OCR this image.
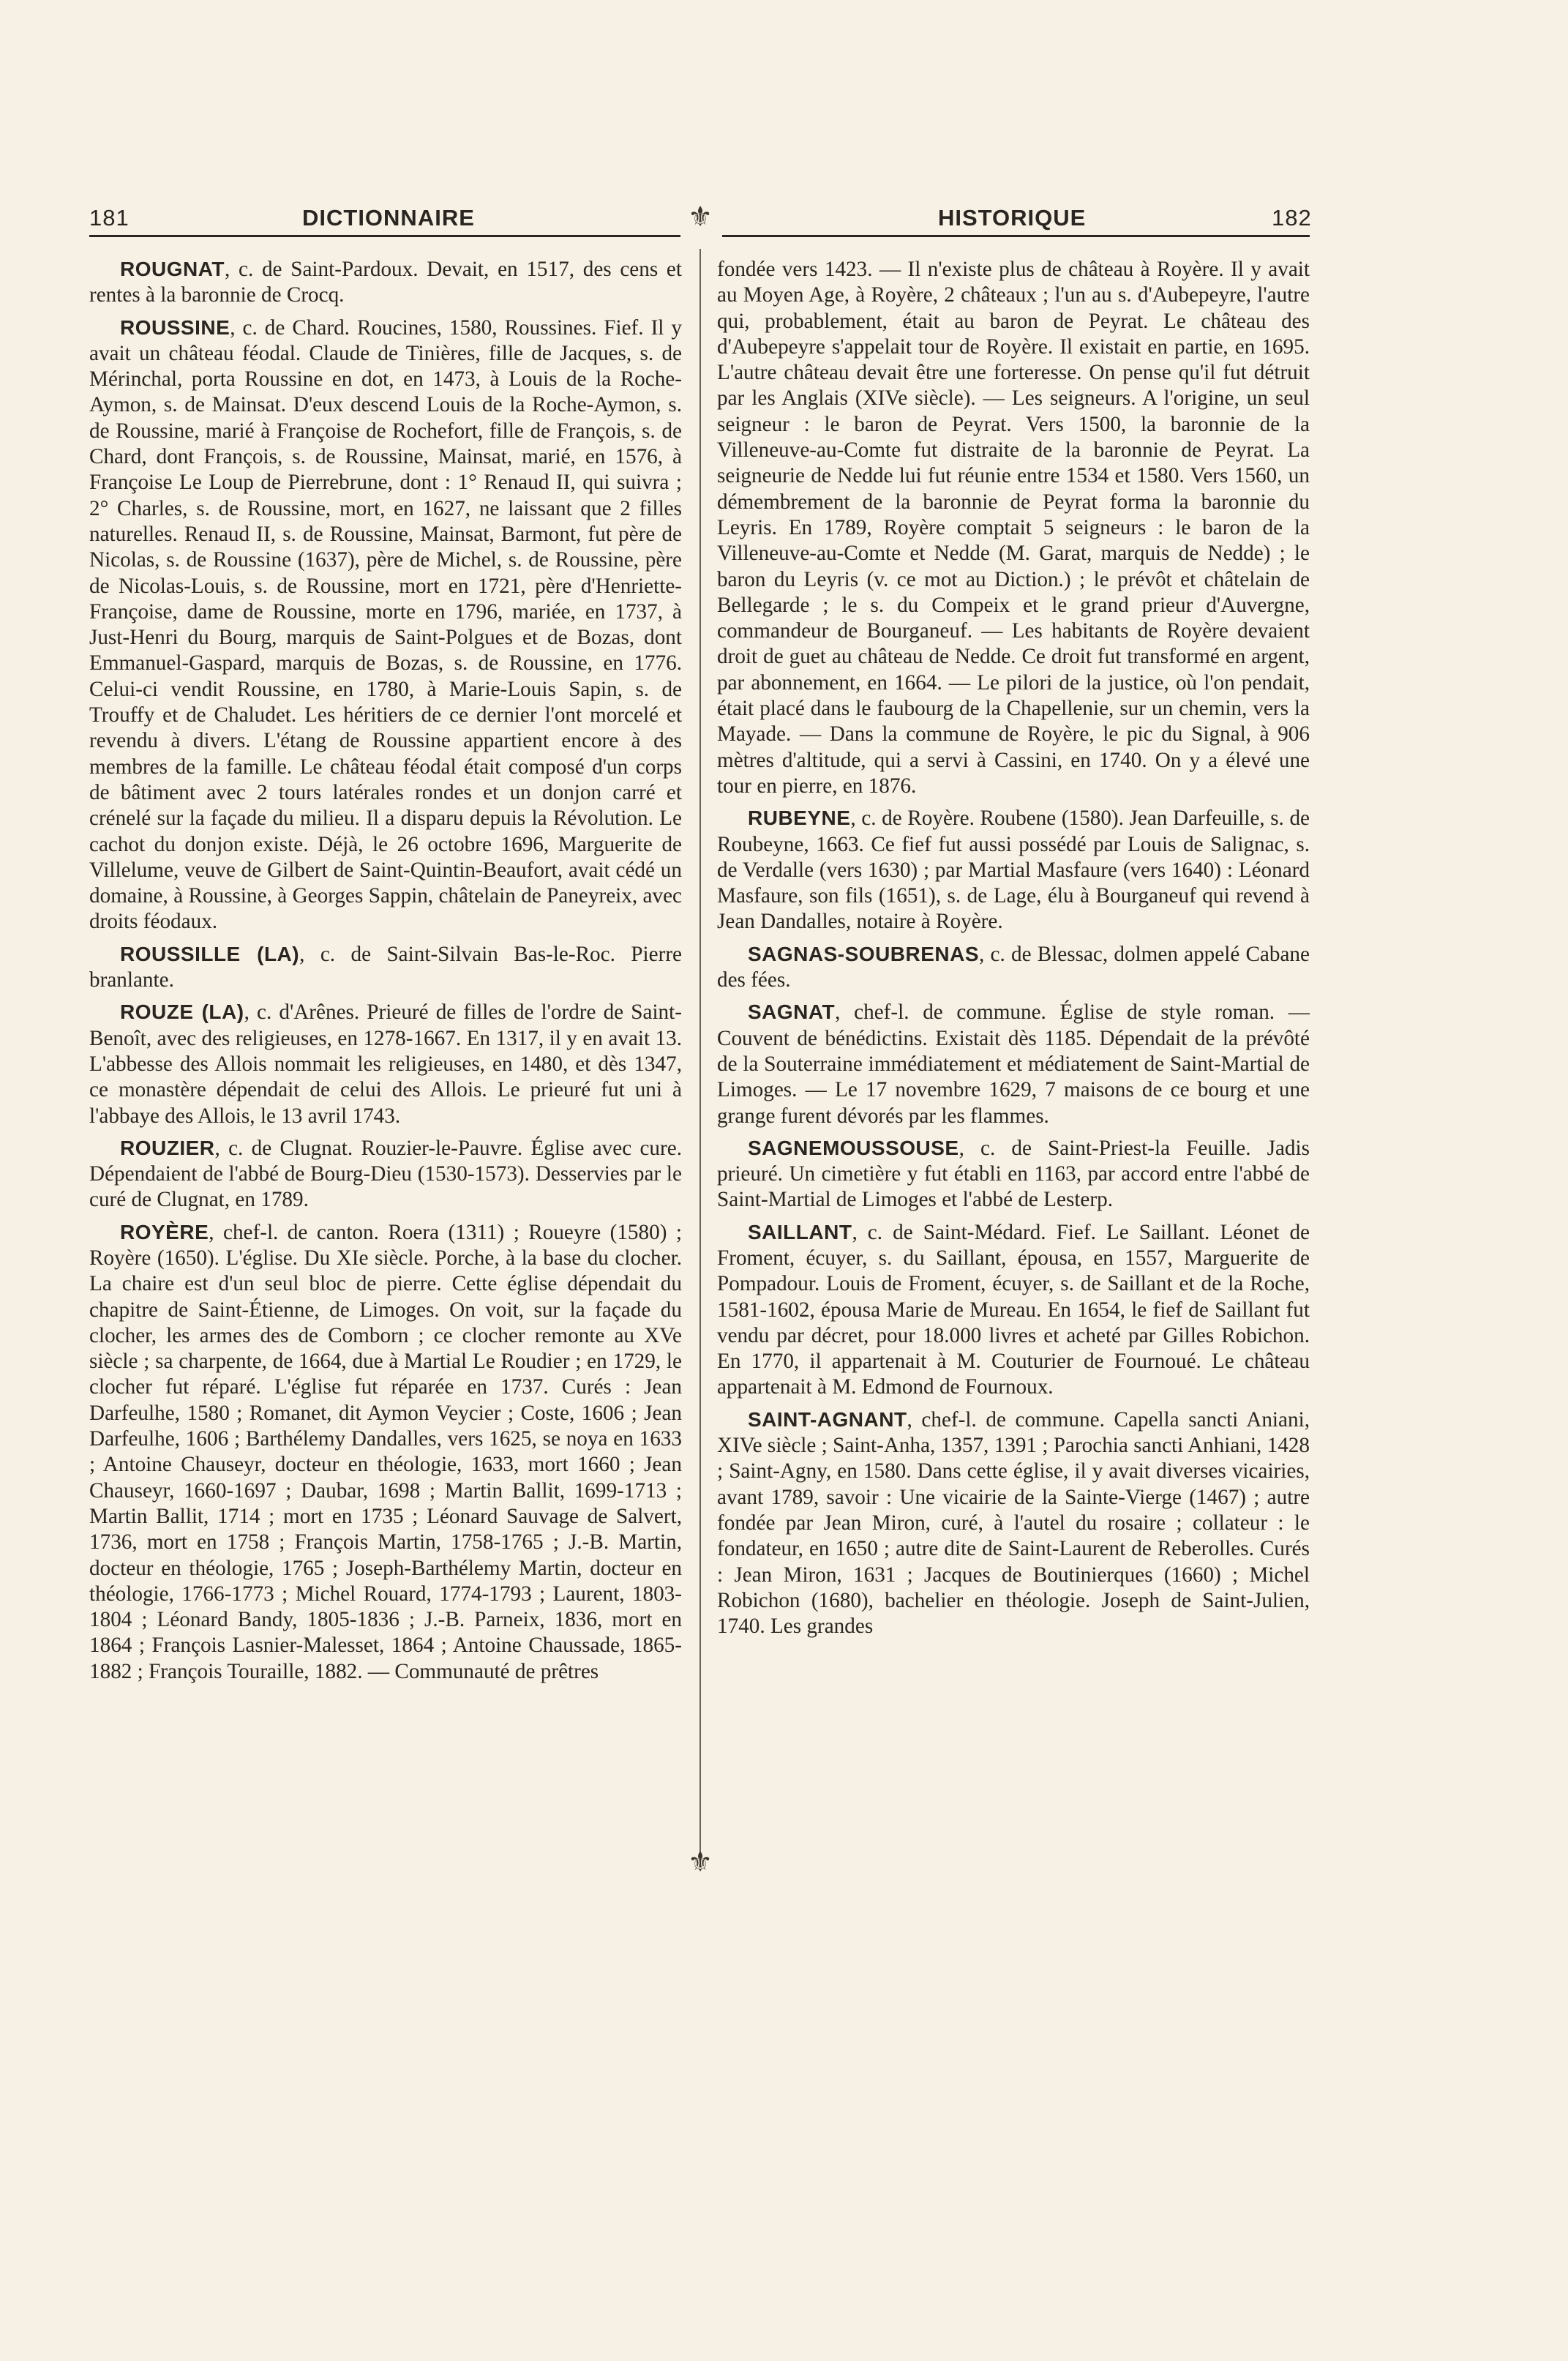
181	DICTIONNAIRE	⚜	HISTORIQUE	182
⚜

ROUGNAT, c. de Saint-Pardoux. Devait, en 1517, des cens et rentes à la baronnie de Crocq.

ROUSSINE, c. de Chard. Roucines, 1580, Roussines. Fief. Il y avait un château féodal. Claude de Tinières, fille de Jacques, s. de Mérinchal, porta Roussine en dot, en 1473, à Louis de la Roche-Aymon, s. de Mainsat. D'eux descend Louis de la Roche-Aymon, s. de Roussine, marié à Françoise de Rochefort, fille de François, s. de Chard, dont François, s. de Roussine, Mainsat, marié, en 1576, à Françoise Le Loup de Pierrebrune, dont : 1° Renaud II, qui suivra ; 2° Charles, s. de Roussine, mort, en 1627, ne laissant que 2 filles naturelles. Renaud II, s. de Roussine, Mainsat, Barmont, fut père de Nicolas, s. de Roussine (1637), père de Michel, s. de Roussine, père de Nicolas-Louis, s. de Roussine, mort en 1721, père d'Henriette-Françoise, dame de Roussine, morte en 1796, mariée, en 1737, à Just-Henri du Bourg, marquis de Saint-Polgues et de Bozas, dont Emmanuel-Gaspard, marquis de Bozas, s. de Roussine, en 1776. Celui-ci vendit Roussine, en 1780, à Marie-Louis Sapin, s. de Trouffy et de Chaludet. Les héritiers de ce dernier l'ont morcelé et revendu à divers. L'étang de Roussine appartient encore à des membres de la famille. Le château féodal était composé d'un corps de bâtiment avec 2 tours latérales rondes et un donjon carré et crénelé sur la façade du milieu. Il a disparu depuis la Révolution. Le cachot du donjon existe. Déjà, le 26 octobre 1696, Marguerite de Villelume, veuve de Gilbert de Saint-Quintin-Beaufort, avait cédé un domaine, à Roussine, à Georges Sappin, châtelain de Paneyreix, avec droits féodaux.

ROUSSILLE (LA), c. de Saint-Silvain Bas-le-Roc. Pierre branlante.

ROUZE (LA), c. d'Arênes. Prieuré de filles de l'ordre de Saint-Benoît, avec des religieuses, en 1278-1667. En 1317, il y en avait 13. L'abbesse des Allois nommait les religieuses, en 1480, et dès 1347, ce monastère dépendait de celui des Allois. Le prieuré fut uni à l'abbaye des Allois, le 13 avril 1743.

ROUZIER, c. de Clugnat. Rouzier-le-Pauvre. Église avec cure. Dépendaient de l'abbé de Bourg-Dieu (1530-1573). Desservies par le curé de Clugnat, en 1789.

ROYÈRE, chef-l. de canton. Roera (1311) ; Roueyre (1580) ; Royère (1650). L'église. Du XIe siècle. Porche, à la base du clocher. La chaire est d'un seul bloc de pierre. Cette église dépendait du chapitre de Saint-Étienne, de Limoges. On voit, sur la façade du clocher, les armes des de Comborn ; ce clocher remonte au XVe siècle ; sa charpente, de 1664, due à Martial Le Roudier ; en 1729, le clocher fut réparé. L'église fut réparée en 1737. Curés : Jean Darfeulhe, 1580 ; Romanet, dit Aymon Veycier ; Coste, 1606 ; Jean Darfeulhe, 1606 ; Barthélemy Dandalles, vers 1625, se noya en 1633 ; Antoine Chauseyr, docteur en théologie, 1633, mort 1660 ; Jean Chauseyr, 1660-1697 ; Daubar, 1698 ; Martin Ballit, 1699-1713 ; Martin Ballit, 1714 ; mort en 1735 ; Léonard Sauvage de Salvert, 1736, mort en 1758 ; François Martin, 1758-1765 ; J.-B. Martin, docteur en théologie, 1765 ; Joseph-Barthélemy Martin, docteur en théologie, 1766-1773 ; Michel Rouard, 1774-1793 ; Laurent, 1803-1804 ; Léonard Bandy, 1805-1836 ; J.-B. Parneix, 1836, mort en 1864 ; François Lasnier-Malesset, 1864 ; Antoine Chaussade, 1865-1882 ; François Touraille, 1882. — Communauté de prêtres

fondée vers 1423. — Il n'existe plus de château à Royère. Il y avait au Moyen Age, à Royère, 2 châteaux ; l'un au s. d'Aubepeyre, l'autre qui, probablement, était au baron de Peyrat. Le château des d'Aubepeyre s'appelait tour de Royère. Il existait en partie, en 1695. L'autre château devait être une forteresse. On pense qu'il fut détruit par les Anglais (XIVe siècle). — Les seigneurs. A l'origine, un seul seigneur : le baron de Peyrat. Vers 1500, la baronnie de la Villeneuve-au-Comte fut distraite de la baronnie de Peyrat. La seigneurie de Nedde lui fut réunie entre 1534 et 1580. Vers 1560, un démembrement de la baronnie de Peyrat forma la baronnie du Leyris. En 1789, Royère comptait 5 seigneurs : le baron de la Villeneuve-au-Comte et Nedde (M. Garat, marquis de Nedde) ; le baron du Leyris (v. ce mot au Diction.) ; le prévôt et châtelain de Bellegarde ; le s. du Compeix et le grand prieur d'Auvergne, commandeur de Bourganeuf. — Les habitants de Royère devaient droit de guet au château de Nedde. Ce droit fut transformé en argent, par abonnement, en 1664. — Le pilori de la justice, où l'on pendait, était placé dans le faubourg de la Chapellenie, sur un chemin, vers la Mayade. — Dans la commune de Royère, le pic du Signal, à 906 mètres d'altitude, qui a servi à Cassini, en 1740. On y a élevé une tour en pierre, en 1876.

RUBEYNE, c. de Royère. Roubene (1580). Jean Darfeuille, s. de Roubeyne, 1663. Ce fief fut aussi possédé par Louis de Salignac, s. de Verdalle (vers 1630) ; par Martial Masfaure (vers 1640) : Léonard Masfaure, son fils (1651), s. de Lage, élu à Bourganeuf qui revend à Jean Dandalles, notaire à Royère.

SAGNAS-SOUBRENAS, c. de Blessac, dolmen appelé Cabane des fées.

SAGNAT, chef-l. de commune. Église de style roman. — Couvent de bénédictins. Existait dès 1185. Dépendait de la prévôté de la Souterraine immédiatement et médiatement de Saint-Martial de Limoges. — Le 17 novembre 1629, 7 maisons de ce bourg et une grange furent dévorés par les flammes.

SAGNEMOUSSOUSE, c. de Saint-Priest-la Feuille. Jadis prieuré. Un cimetière y fut établi en 1163, par accord entre l'abbé de Saint-Martial de Limoges et l'abbé de Lesterp.

SAILLANT, c. de Saint-Médard. Fief. Le Saillant. Léonet de Froment, écuyer, s. du Saillant, épousa, en 1557, Marguerite de Pompadour. Louis de Froment, écuyer, s. de Saillant et de la Roche, 1581-1602, épousa Marie de Mureau. En 1654, le fief de Saillant fut vendu par décret, pour 18.000 livres et acheté par Gilles Robichon. En 1770, il appartenait à M. Couturier de Fournoué. Le château appartenait à M. Edmond de Fournoux.

SAINT-AGNANT, chef-l. de commune. Capella sancti Aniani, XIVe siècle ; Saint-Anha, 1357, 1391 ; Parochia sancti Anhiani, 1428 ; Saint-Agny, en 1580. Dans cette église, il y avait diverses vicairies, avant 1789, savoir : Une vicairie de la Sainte-Vierge (1467) ; autre fondée par Jean Miron, curé, à l'autel du rosaire ; collateur : le fondateur, en 1650 ; autre dite de Saint-Laurent de Reberolles. Curés : Jean Miron, 1631 ; Jacques de Boutinierques (1660) ; Michel Robichon (1680), bachelier en théologie. Joseph de Saint-Julien, 1740. Les grandes
